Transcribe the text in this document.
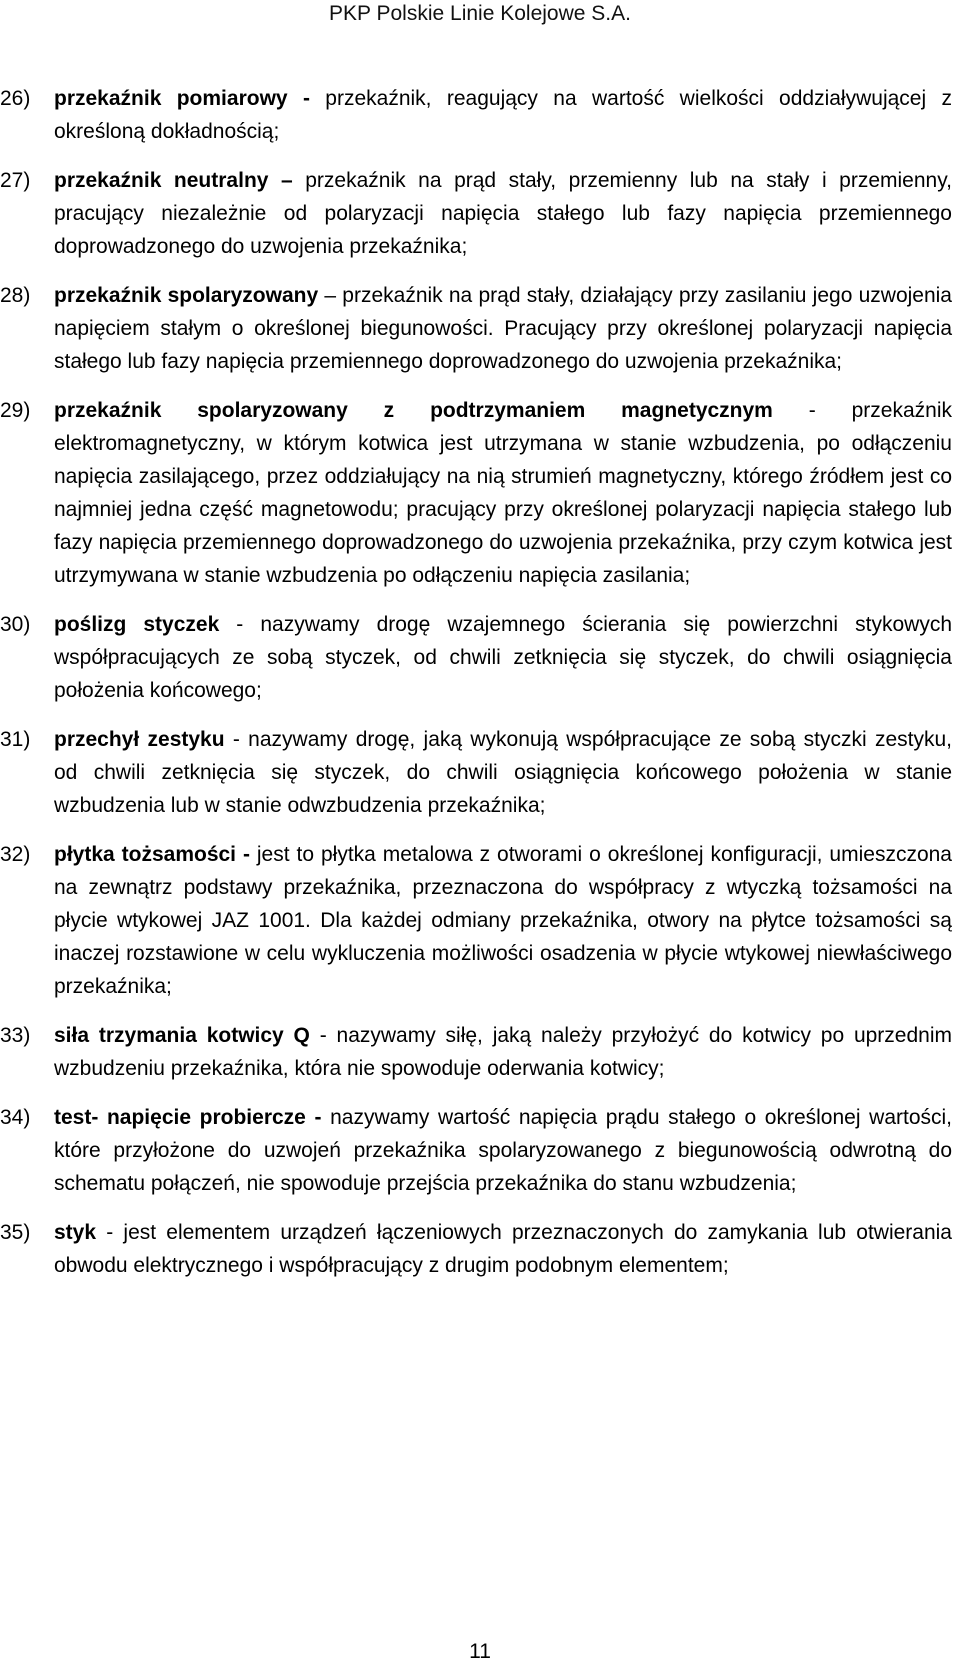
PKP Polskie Linie Kolejowe S.A.
26)	przekaźnik pomiarowy - przekaźnik, reagujący na wartość wielkości oddziaływującej z określoną dokładnością;
27)	przekaźnik neutralny – przekaźnik na prąd stały, przemienny lub na stały i przemienny, pracujący niezależnie od polaryzacji napięcia stałego lub fazy napięcia przemiennego doprowadzonego do uzwojenia przekaźnika;
28)	przekaźnik spolaryzowany – przekaźnik na prąd stały, działający przy zasilaniu jego uzwojenia napięciem stałym o określonej biegunowości. Pracujący przy określonej polaryzacji napięcia stałego lub fazy napięcia przemiennego doprowadzonego do uzwojenia przekaźnika;
29)	przekaźnik spolaryzowany z podtrzymaniem magnetycznym - przekaźnik elektromagnetyczny, w którym kotwica jest utrzymana w stanie wzbudzenia, po odłączeniu napięcia zasilającego, przez oddziałujący na nią strumień magnetyczny, którego źródłem jest co najmniej jedna część magnetowodu; pracujący przy określonej polaryzacji napięcia stałego lub fazy napięcia przemiennego doprowadzonego do uzwojenia przekaźnika, przy czym kotwica jest utrzymywana w stanie wzbudzenia po odłączeniu napięcia zasilania;
30)	poślizg styczek - nazywamy drogę wzajemnego ścierania się powierzchni stykowych współpracujących ze sobą styczek, od chwili zetknięcia się styczek, do chwili osiągnięcia położenia końcowego;
31)	przechył zestyku - nazywamy drogę, jaką wykonują współpracujące ze sobą styczki zestyku, od chwili zetknięcia się styczek, do chwili osiągnięcia końcowego położenia w stanie wzbudzenia lub w stanie odwzbudzenia przekaźnika;
32)	płytka tożsamości - jest to płytka metalowa z otworami o określonej konfiguracji, umieszczona na zewnątrz podstawy przekaźnika, przeznaczona do współpracy z wtyczką tożsamości na płycie wtykowej JAZ 1001. Dla każdej odmiany przekaźnika, otwory na płytce tożsamości są inaczej rozstawione w celu wykluczenia możliwości osadzenia w płycie wtykowej niewłaściwego przekaźnika;
33)	siła trzymania kotwicy Q - nazywamy siłę, jaką należy przyłożyć do kotwicy po uprzednim wzbudzeniu przekaźnika, która nie spowoduje oderwania kotwicy;
34)	test- napięcie probiercze - nazywamy wartość napięcia prądu stałego o określonej wartości, które przyłożone do uzwojeń przekaźnika spolaryzowanego z biegunowością odwrotną do schematu połączeń, nie spowoduje przejścia przekaźnika do stanu wzbudzenia;
35)	styk - jest elementem urządzeń łączeniowych przeznaczonych do zamykania lub otwierania obwodu elektrycznego i współpracujący z drugim podobnym elementem;
11
